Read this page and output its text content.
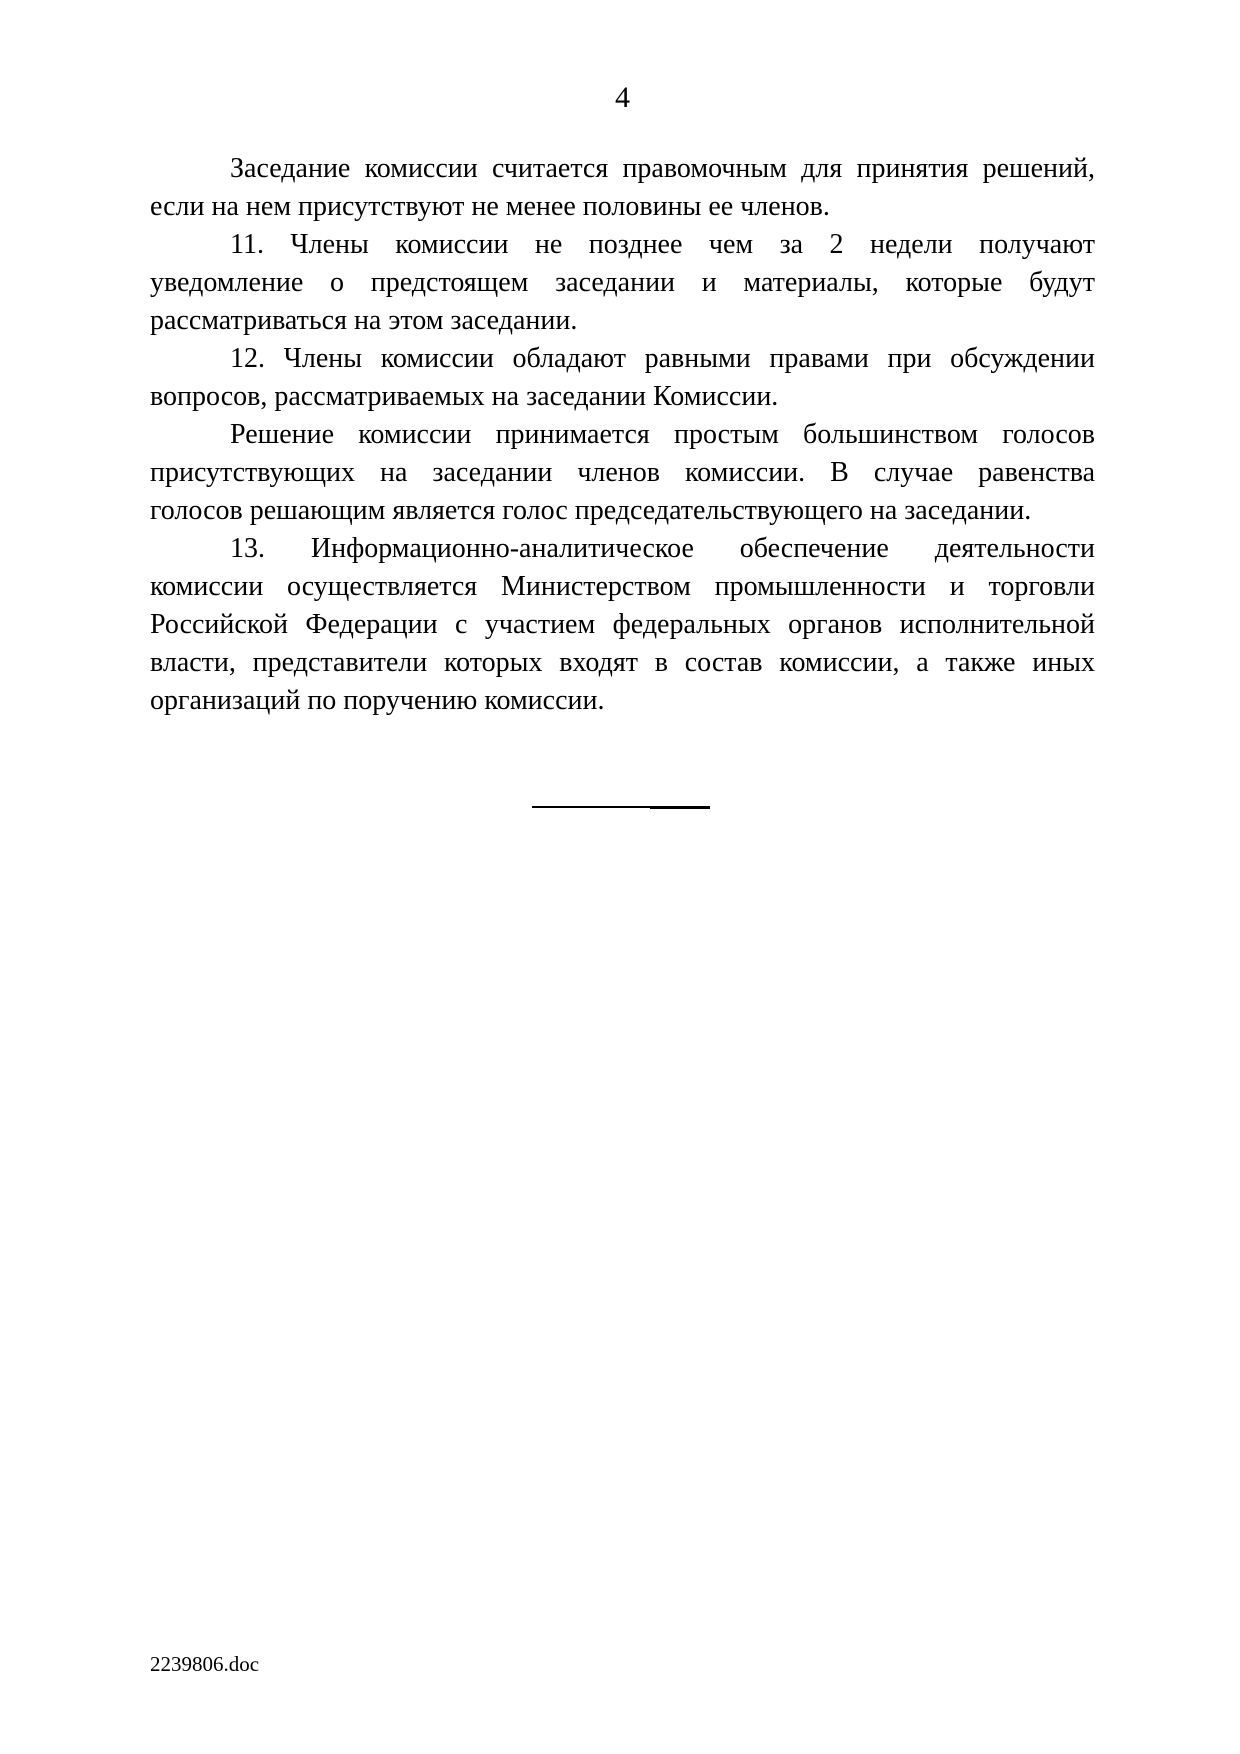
4
Заседание комиссии считается правомочным для принятия решений,
если на нем присутствуют не менее половины ее членов.
11. Члены комиссии не позднее чем за 2 недели получают
уведомление о предстоящем заседании и материалы, которые будут
рассматриваться на этом заседании.
12. Члены комиссии обладают равными правами при обсуждении
вопросов, рассматриваемых на заседании Комиссии.
Решение комиссии принимается простым большинством голосов
присутствующих на заседании членов комиссии. В случае равенства
голосов решающим является голос председательствующего на заседании.
13. Информационно-аналитическое обеспечение деятельности
комиссии осуществляется Министерством промышленности и торговли
Российской Федерации с участием федеральных органов исполнительной
власти, представители которых входят в состав комиссии, а также иных
организаций по поручению комиссии.
2239806.doc
